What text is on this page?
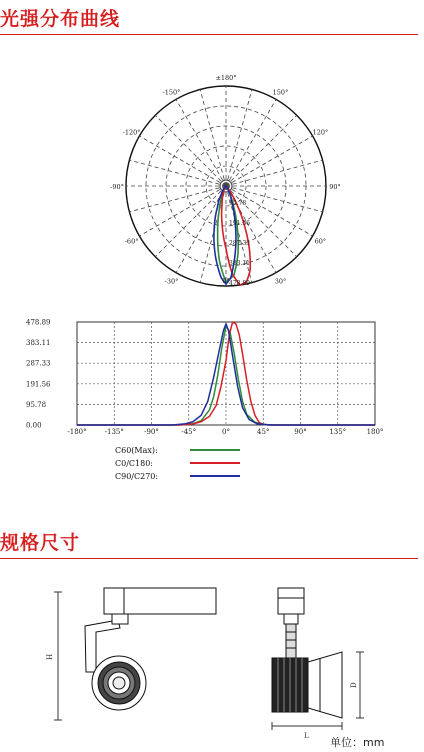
光强分布曲线
规格尺寸
±180°
150°
120°
90°
60°
30°
0°
-30°
-60°
-90°
-120°
-150°
95.78
191.56
287.33
383.11
478.89
478.89
383.11
287.33
191.56
95.78
0.00
-180°	-135°	-90°	-45°	0°	45°	90°	135°	180°
C60(Max):
C0/C180:
C90/C270:
H
D
L 单位：mm
